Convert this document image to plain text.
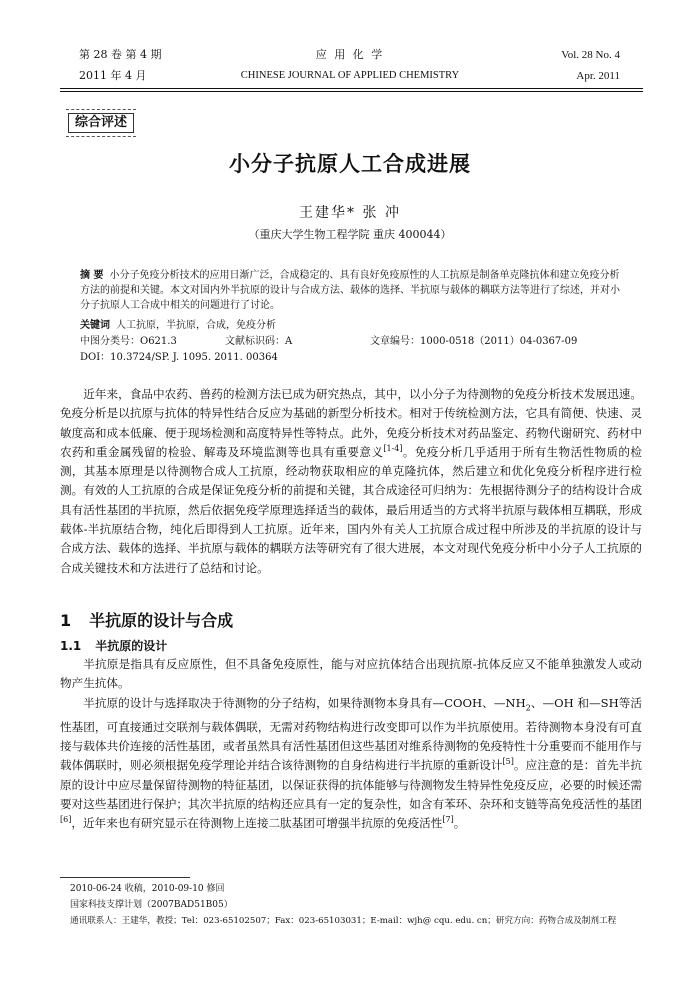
第 28 卷 第 4 期
2011 年 4 月
应 用 化 学
CHINESE JOURNAL OF APPLIED CHEMISTRY
Vol. 28 No. 4
Apr. 2011
综合评述
小分子抗原人工合成进展
王建华* 张 冲
（重庆大学生物工程学院 重庆 400044）
摘 要 小分子免疫分析技术的应用日渐广泛，合成稳定的、具有良好免疫原性的人工抗原是制备单克隆抗体和建立免疫分析方法的前提和关键。本文对国内外半抗原的设计与合成方法、载体的选择、半抗原与载体的耦联方法等进行了综述，并对小分子抗原人工合成中相关的问题进行了讨论。
关键词 人工抗原，半抗原，合成，免疫分析
中图分类号：O621.3	文献标识码：A	文章编号：1000-0518（2011）04-0367-09
DOI：10.3724/SP. J. 1095. 2011. 00364

近年来，食品中农药、兽药的检测方法已成为研究热点，其中，以小分子为待测物的免疫分析技术发展迅速。免疫分析是以抗原与抗体的特异性结合反应为基础的新型分析技术。相对于传统检测方法，它具有简便、快速、灵敏度高和成本低廉、便于现场检测和高度特异性等特点。此外，免疫分析技术对药品鉴定、药物代谢研究、药材中农药和重金属残留的检验、解毒及环境监测等也具有重要意义[1-4]。免疫分析几乎适用于所有生物活性物质的检测，其基本原理是以待测物合成人工抗原，经动物获取相应的单克隆抗体，然后建立和优化免疫分析程序进行检测。有效的人工抗原的合成是保证免疫分析的前提和关键，其合成途径可归纳为：先根据待测分子的结构设计合成具有活性基团的半抗原，然后依据免疫学原理选择适当的载体，最后用适当的方式将半抗原与载体相互耦联，形成载体-半抗原结合物，纯化后即得到人工抗原。近年来，国内外有关人工抗原合成过程中所涉及的半抗原的设计与合成方法、载体的选择、半抗原与载体的耦联方法等研究有了很大进展，本文对现代免疫分析中小分子人工抗原的合成关键技术和方法进行了总结和讨论。

1 半抗原的设计与合成
1.1 半抗原的设计

半抗原是指具有反应原性，但不具备免疫原性，能与对应抗体结合出现抗原-抗体反应又不能单独激发人或动物产生抗体。

半抗原的设计与选择取决于待测物的分子结构，如果待测物本身具有—COOH、$—NH_2$、—OH 和—SH等活性基团，可直接通过交联剂与载体偶联，无需对药物结构进行改变即可以作为半抗原使用。若待测物本身没有可直接与载体共价连接的活性基团，或者虽然具有活性基团但这些基团对维系待测物的免疫特性十分重要而不能用作与载体偶联时，则必须根据免疫学理论并结合该待测物的自身结构进行半抗原的重新设计[5]。应注意的是：首先半抗原的设计中应尽量保留待测物的特征基团，以保证获得的抗体能够与待测物发生特异性免疫反应，必要的时候还需要对这些基团进行保护；其次半抗原的结构还应具有一定的复杂性，如含有苯环、杂环和支链等高免疫活性的基团[6]，近年来也有研究显示在待测物上连接二肽基团可增强半抗原的免疫活性[7]。

2010-06-24 收稿，2010-09-10 修回
国家科技支撑计划（2007BAD51B05）
通讯联系人：王建华，教授；Tel：023-65102507；Fax：023-65103031；E-mail：wjh@ cqu. edu. cn；研究方向：药物合成及制剂工程
